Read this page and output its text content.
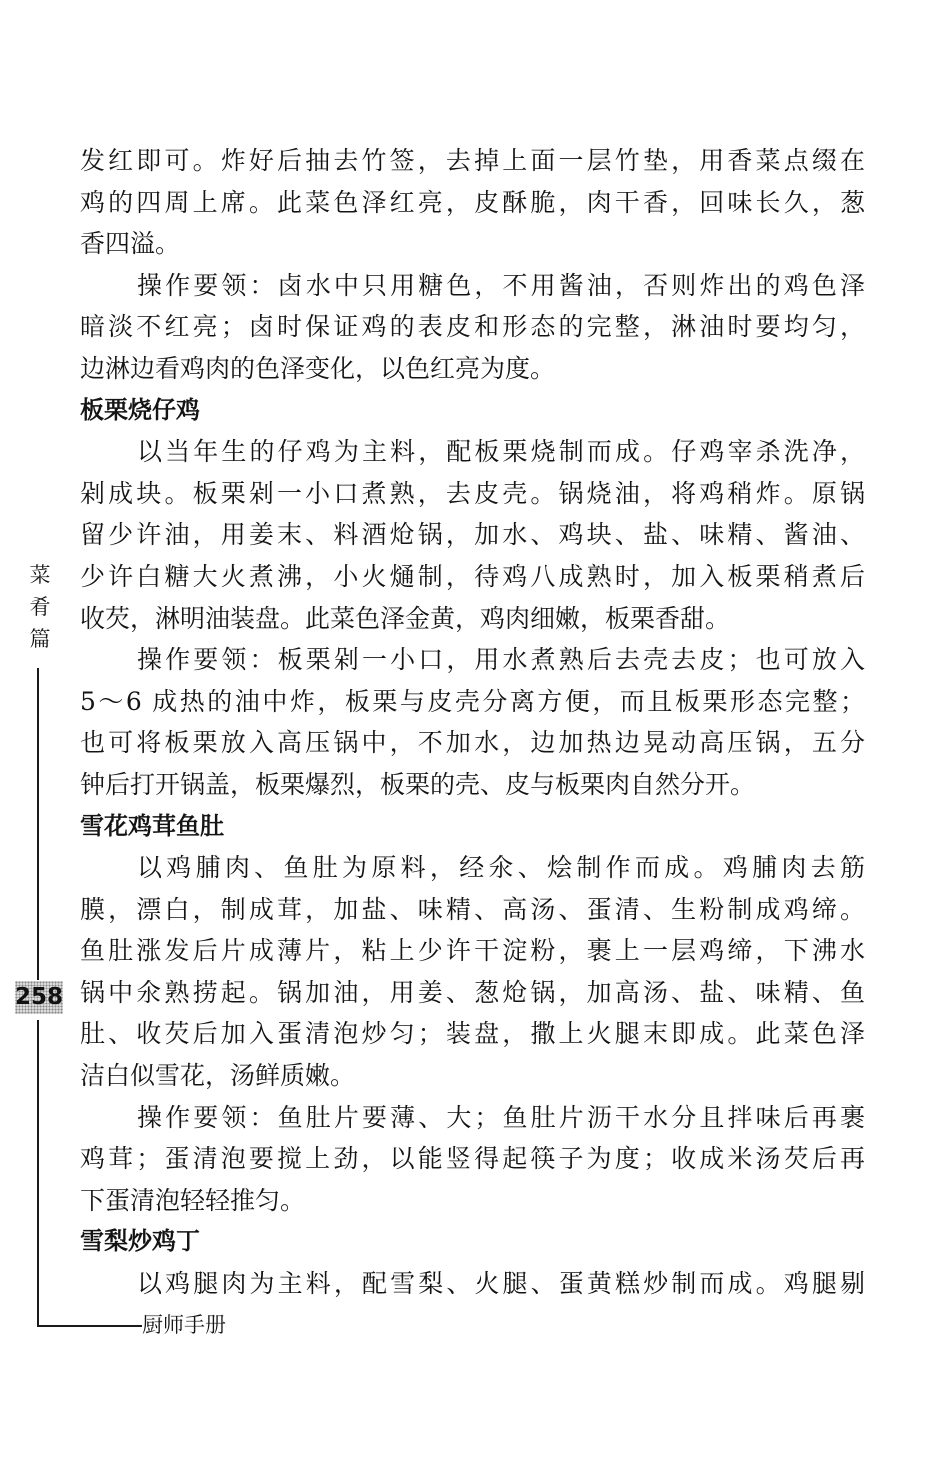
发红即可。炸好后抽去竹签，去掉上面一层竹垫，用香菜点缀在
鸡的四周上席。此菜色泽红亮，皮酥脆，肉干香，回味长久，葱
香四溢。
操作要领：卤水中只用糖色，不用酱油，否则炸出的鸡色泽
暗淡不红亮；卤时保证鸡的表皮和形态的完整，淋油时要均匀，
边淋边看鸡肉的色泽变化，以色红亮为度。
板栗烧仔鸡
以当年生的仔鸡为主料，配板栗烧制而成。仔鸡宰杀洗净，
剁成块。板栗剁一小口煮熟，去皮壳。锅烧油，将鸡稍炸。原锅
留少许油，用姜末、料酒炝锅，加水、鸡块、盐、味精、酱油、
少许白糖大火煮沸，小火熥制，待鸡八成熟时，加入板栗稍煮后
收芡，淋明油装盘。此菜色泽金黄，鸡肉细嫩，板栗香甜。
操作要领：板栗剁一小口，用水煮熟后去壳去皮；也可放入
5～6 成热的油中炸，板栗与皮壳分离方便，而且板栗形态完整；
也可将板栗放入高压锅中，不加水，边加热边晃动高压锅，五分
钟后打开锅盖，板栗爆烈，板栗的壳、皮与板栗肉自然分开。
雪花鸡茸鱼肚
以鸡脯肉、鱼肚为原料，经氽、烩制作而成。鸡脯肉去筋
膜，漂白，制成茸，加盐、味精、高汤、蛋清、生粉制成鸡缔。
鱼肚涨发后片成薄片，粘上少许干淀粉，裹上一层鸡缔，下沸水
锅中氽熟捞起。锅加油，用姜、葱炝锅，加高汤、盐、味精、鱼
肚、收芡后加入蛋清泡炒匀；装盘，撒上火腿末即成。此菜色泽
洁白似雪花，汤鲜质嫩。
操作要领：鱼肚片要薄、大；鱼肚片沥干水分且拌味后再裹
鸡茸；蛋清泡要搅上劲，以能竖得起筷子为度；收成米汤芡后再
下蛋清泡轻轻推匀。
雪梨炒鸡丁
以鸡腿肉为主料，配雪梨、火腿、蛋黄糕炒制而成。鸡腿剔
菜
肴
篇
258
厨师手册
